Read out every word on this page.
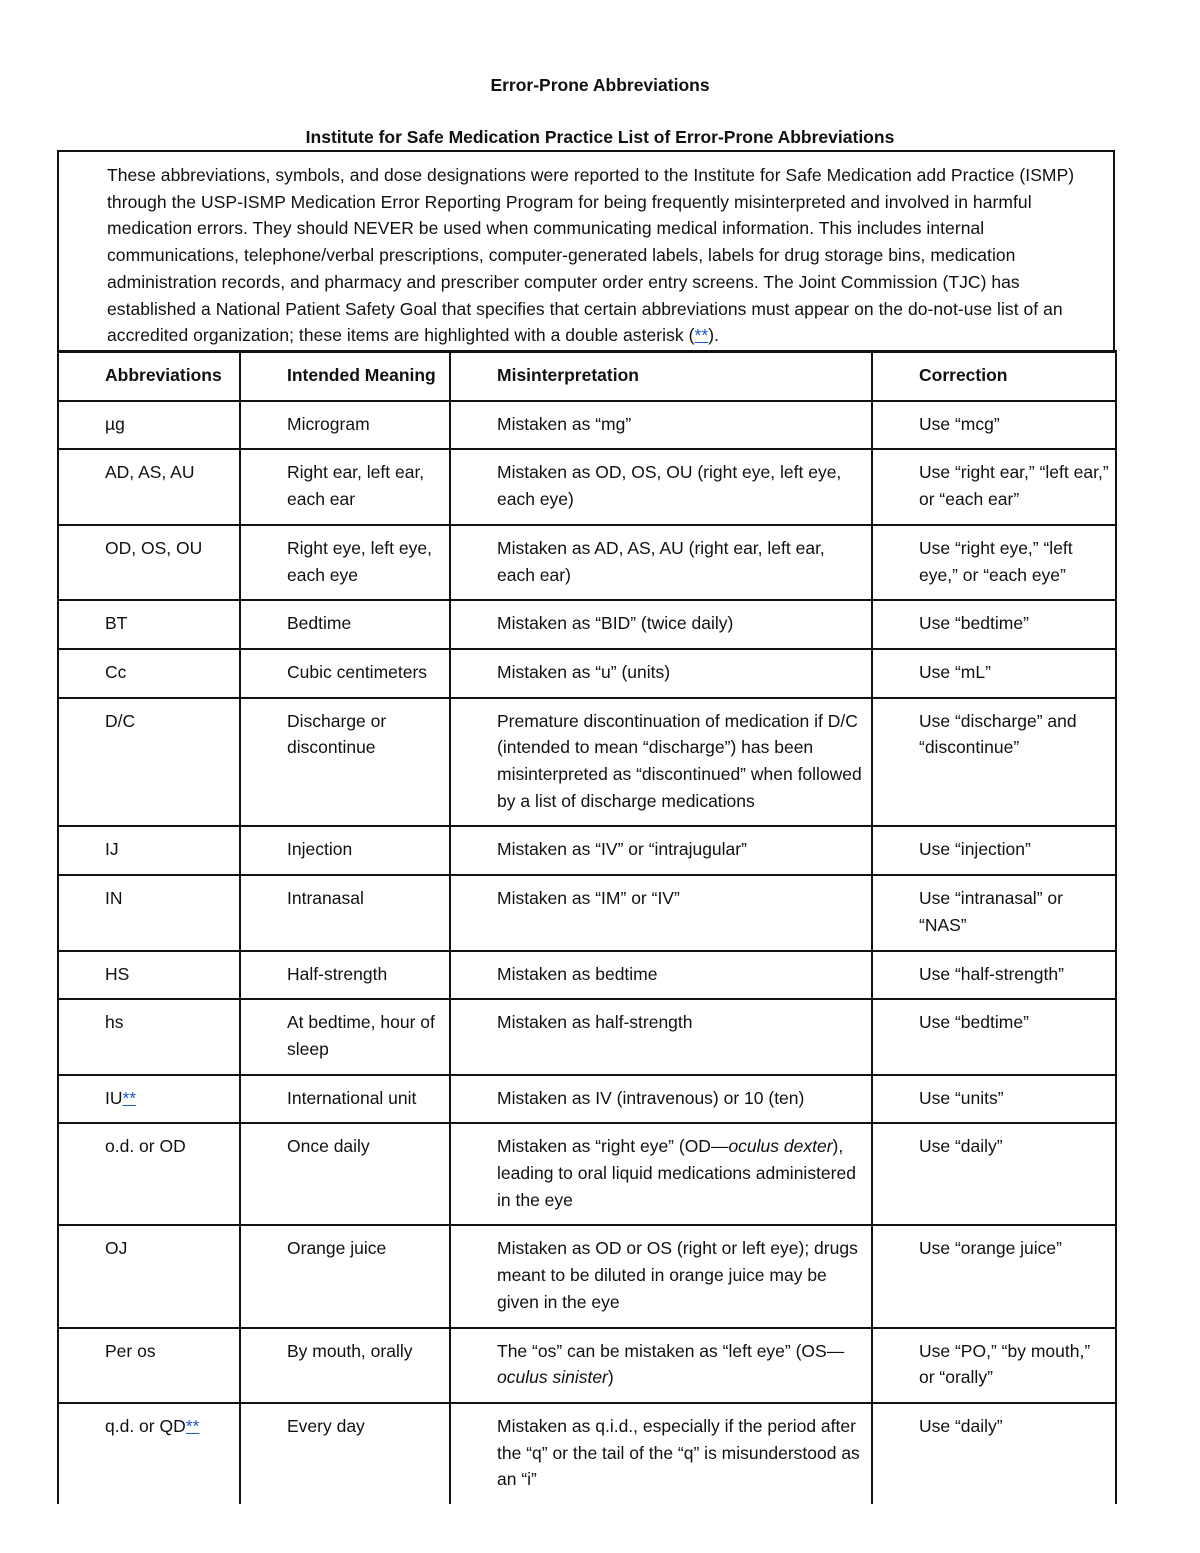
Error-Prone Abbreviations
Institute for Safe Medication Practice List of Error-Prone Abbreviations
These abbreviations, symbols, and dose designations were reported to the Institute for Safe Medication add Practice (ISMP) through the USP-ISMP Medication Error Reporting Program for being frequently misinterpreted and involved in harmful medication errors. They should NEVER be used when communicating medical information. This includes internal communications, telephone/verbal prescriptions, computer-generated labels, labels for drug storage bins, medication administration records, and pharmacy and prescriber computer order entry screens. The Joint Commission (TJC) has established a National Patient Safety Goal that specifies that certain abbreviations must appear on the do-not-use list of an accredited organization; these items are highlighted with a double asterisk (**).
Abbreviations	Intended Meaning	Misinterpretation	Correction
µg	Microgram	Mistaken as “mg”	Use “mcg”
AD, AS, AU	Right ear, left ear, each ear	Mistaken as OD, OS, OU (right eye, left eye, each eye)	Use “right ear,” “left ear,” or “each ear”
OD, OS, OU	Right eye, left eye, each eye	Mistaken as AD, AS, AU (right ear, left ear, each ear)	Use “right eye,” “left eye,” or “each eye”
BT	Bedtime	Mistaken as “BID” (twice daily)	Use “bedtime”
Cc	Cubic centimeters	Mistaken as “u” (units)	Use “mL”
D/C	Discharge or discontinue	Premature discontinuation of medication if D/C (intended to mean “discharge”) has been misinterpreted as “discontinued” when followed by a list of discharge medications	Use “discharge” and “discontinue”
IJ	Injection	Mistaken as “IV” or “intrajugular”	Use “injection”
IN	Intranasal	Mistaken as “IM” or “IV”	Use “intranasal” or “NAS”
HS	Half-strength	Mistaken as bedtime	Use “half-strength”
hs	At bedtime, hour of sleep	Mistaken as half-strength	Use “bedtime”
IU**	International unit	Mistaken as IV (intravenous) or 10 (ten)	Use “units”
o.d. or OD	Once daily	Mistaken as “right eye” (OD—oculus dexter), leading to oral liquid medications administered in the eye	Use “daily”
OJ	Orange juice	Mistaken as OD or OS (right or left eye); drugs meant to be diluted in orange juice may be given in the eye	Use “orange juice”
Per os	By mouth, orally	The “os” can be mistaken as “left eye” (OS—oculus sinister)	Use “PO,” “by mouth,” or “orally”
q.d. or QD**	Every day	Mistaken as q.i.d., especially if the period after the “q” or the tail of the “q” is misunderstood as an “i”	Use “daily”
